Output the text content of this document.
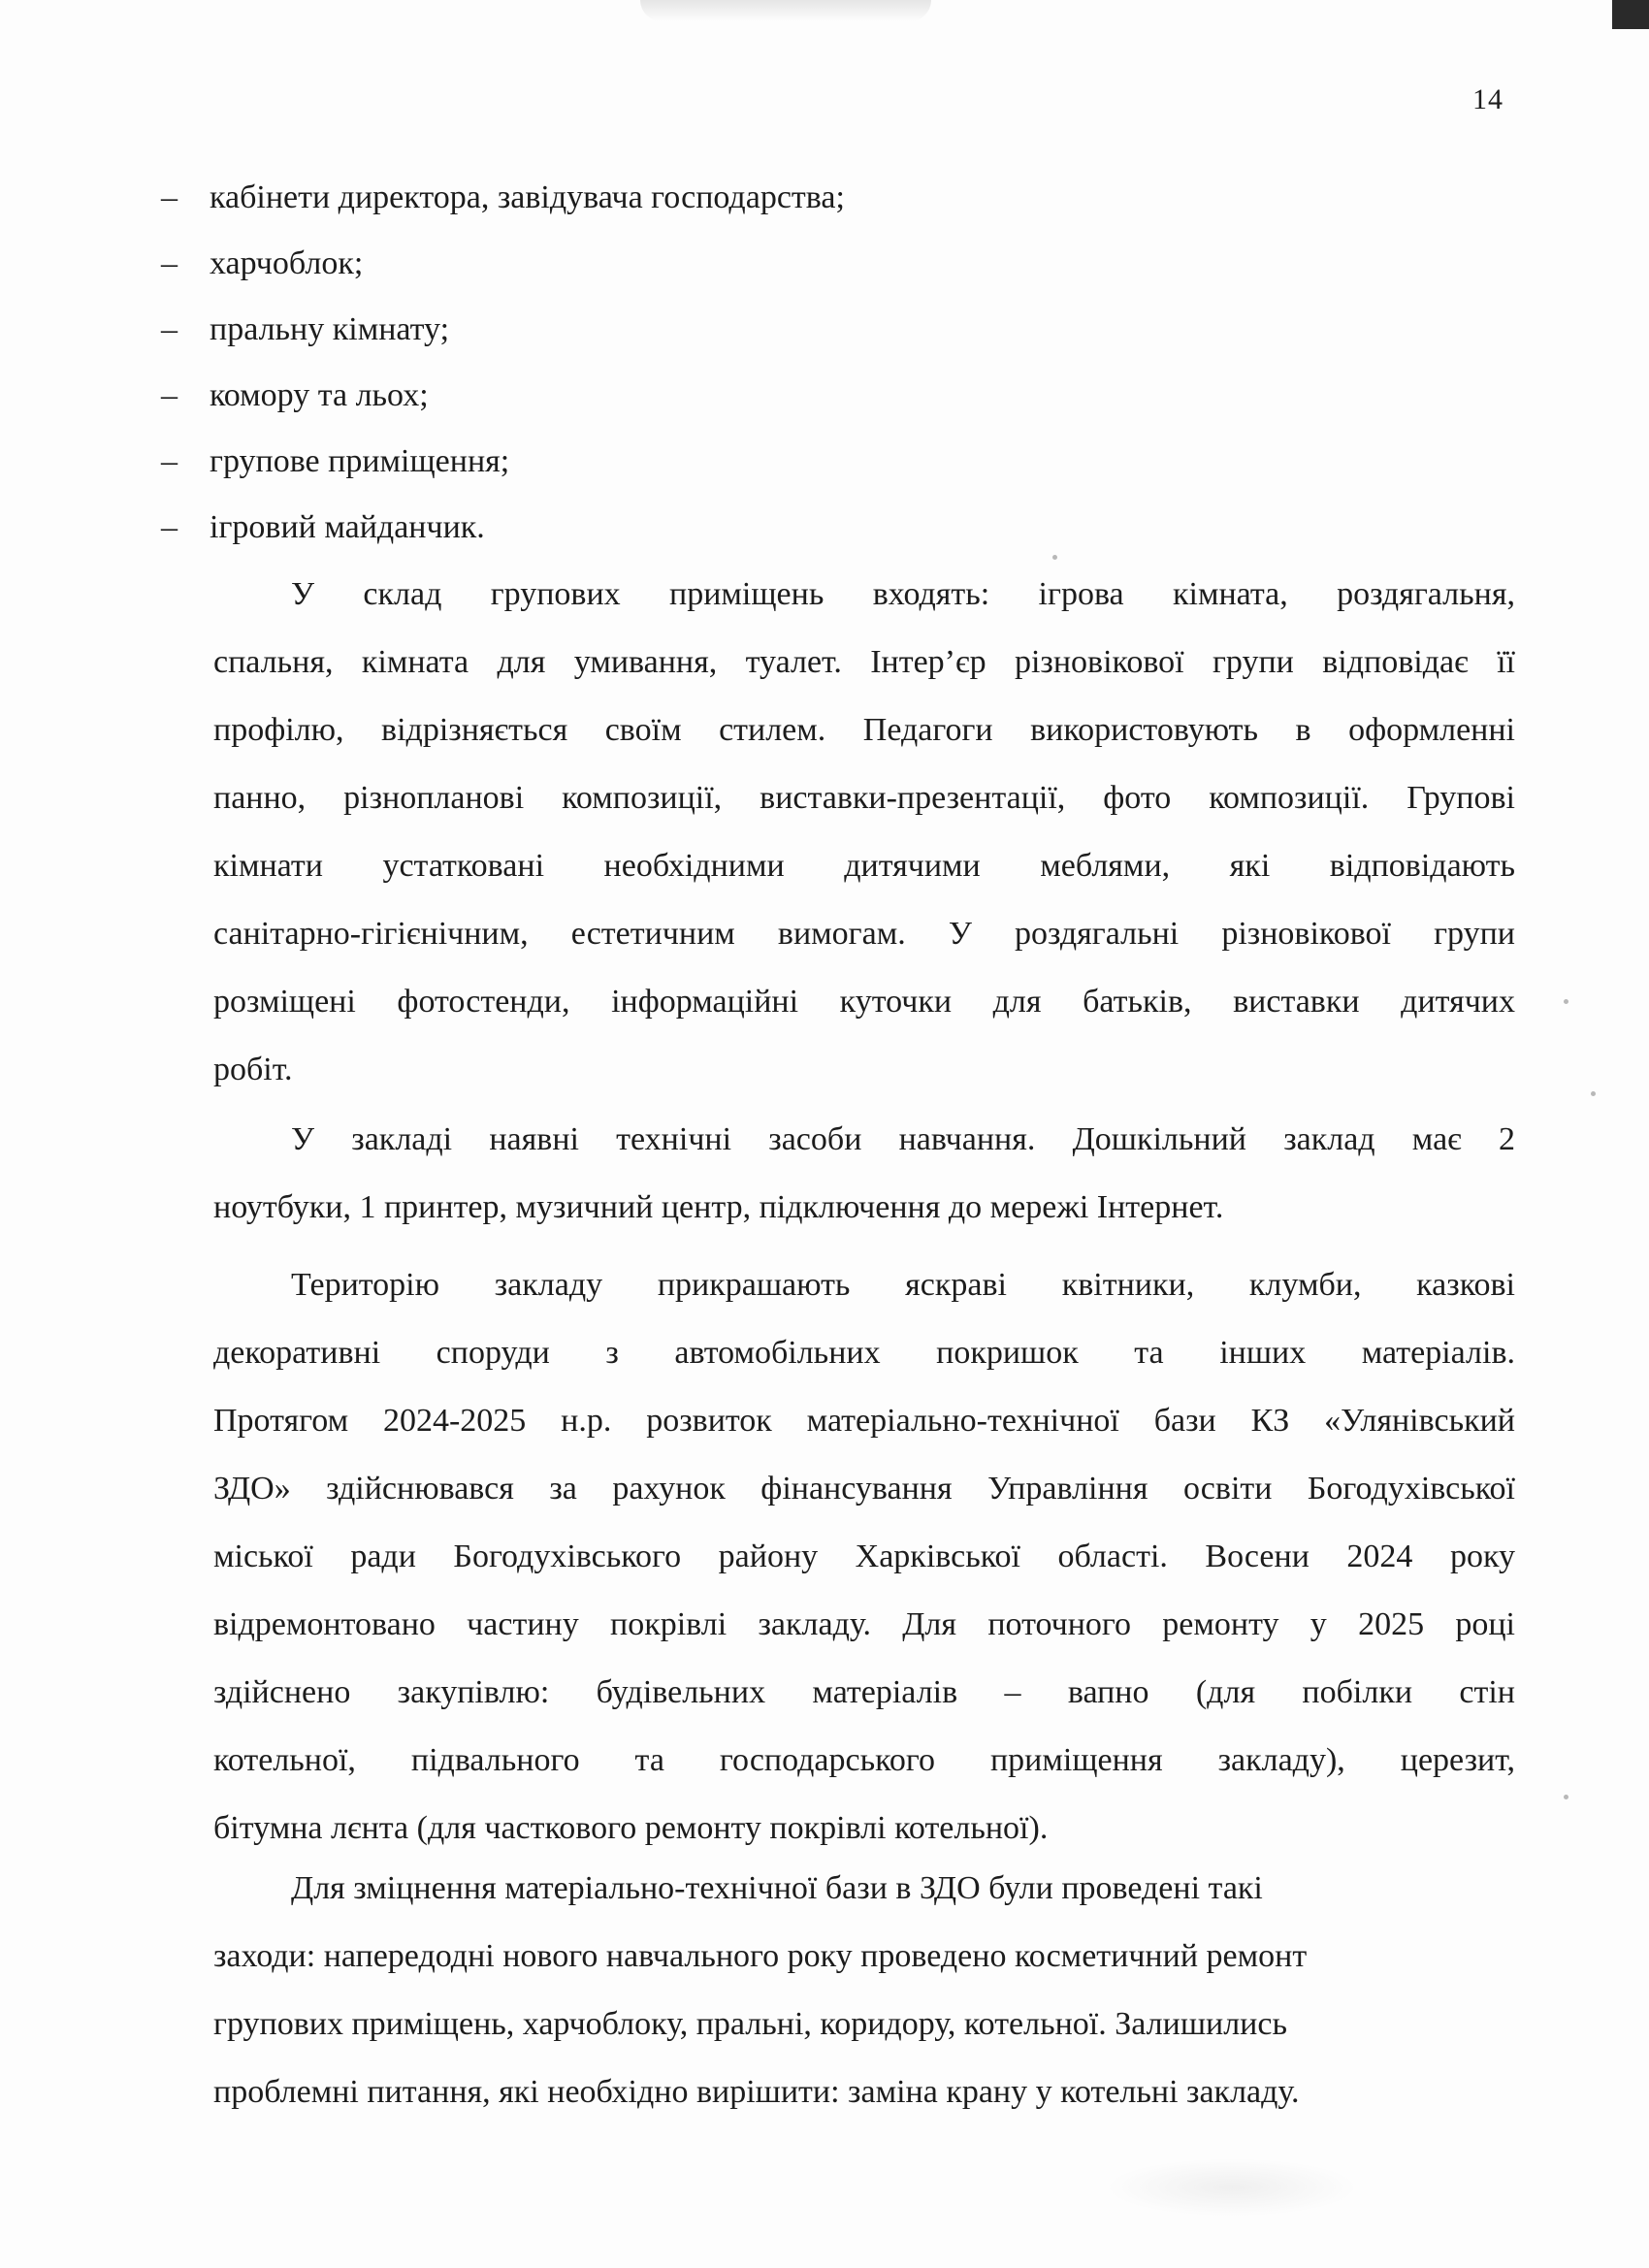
14
– кабінети директора, завідувача господарства;
– харчоблок;
– пральну кімнату;
– комору та льох;
– групове приміщення;
– ігровий майданчик.
У склад групових приміщень входять: ігрова кімната, роздягальня,
спальня, кімната для умивання, туалет. Інтер’єр різновікової групи відповідає її
профілю, відрізняється своїм стилем. Педагоги використовують в оформленні
панно, різнопланові композиції, виставки-презентації, фото композиції. Групові
кімнати устатковані необхідними дитячими меблями, які відповідають
санітарно-гігієнічним, естетичним вимогам. У роздягальні різновікової групи
розміщені фотостенди, інформаційні куточки для батьків, виставки дитячих
робіт.
У закладі наявні технічні засоби навчання. Дошкільний заклад має 2
ноутбуки, 1 принтер, музичний центр, підключення до мережі Інтернет.
Територію закладу прикрашають яскраві квітники, клумби, казкові
декоративні споруди з автомобільних покришок та інших матеріалів.
Протягом 2024-2025 н.р. розвиток матеріально-технічної бази КЗ «Улянівський
ЗДО» здійснювався за рахунок фінансування Управління освіти Богодухівської
міської ради Богодухівського району Харківської області. Восени 2024 року
відремонтовано частину покрівлі закладу. Для поточного ремонту у 2025 році
здійснено закупівлю: будівельних матеріалів – вапно (для побілки стін
котельної, підвального та господарського приміщення закладу), церезит,
бітумна лєнта (для часткового ремонту покрівлі котельної).
Для зміцнення матеріально-технічної бази в ЗДО були проведені такі
заходи: напередодні нового навчального року проведено косметичний ремонт
групових приміщень, харчоблоку, пральні, коридору, котельної. Залишились
проблемні питання, які необхідно вирішити: заміна крану у котельні закладу.
